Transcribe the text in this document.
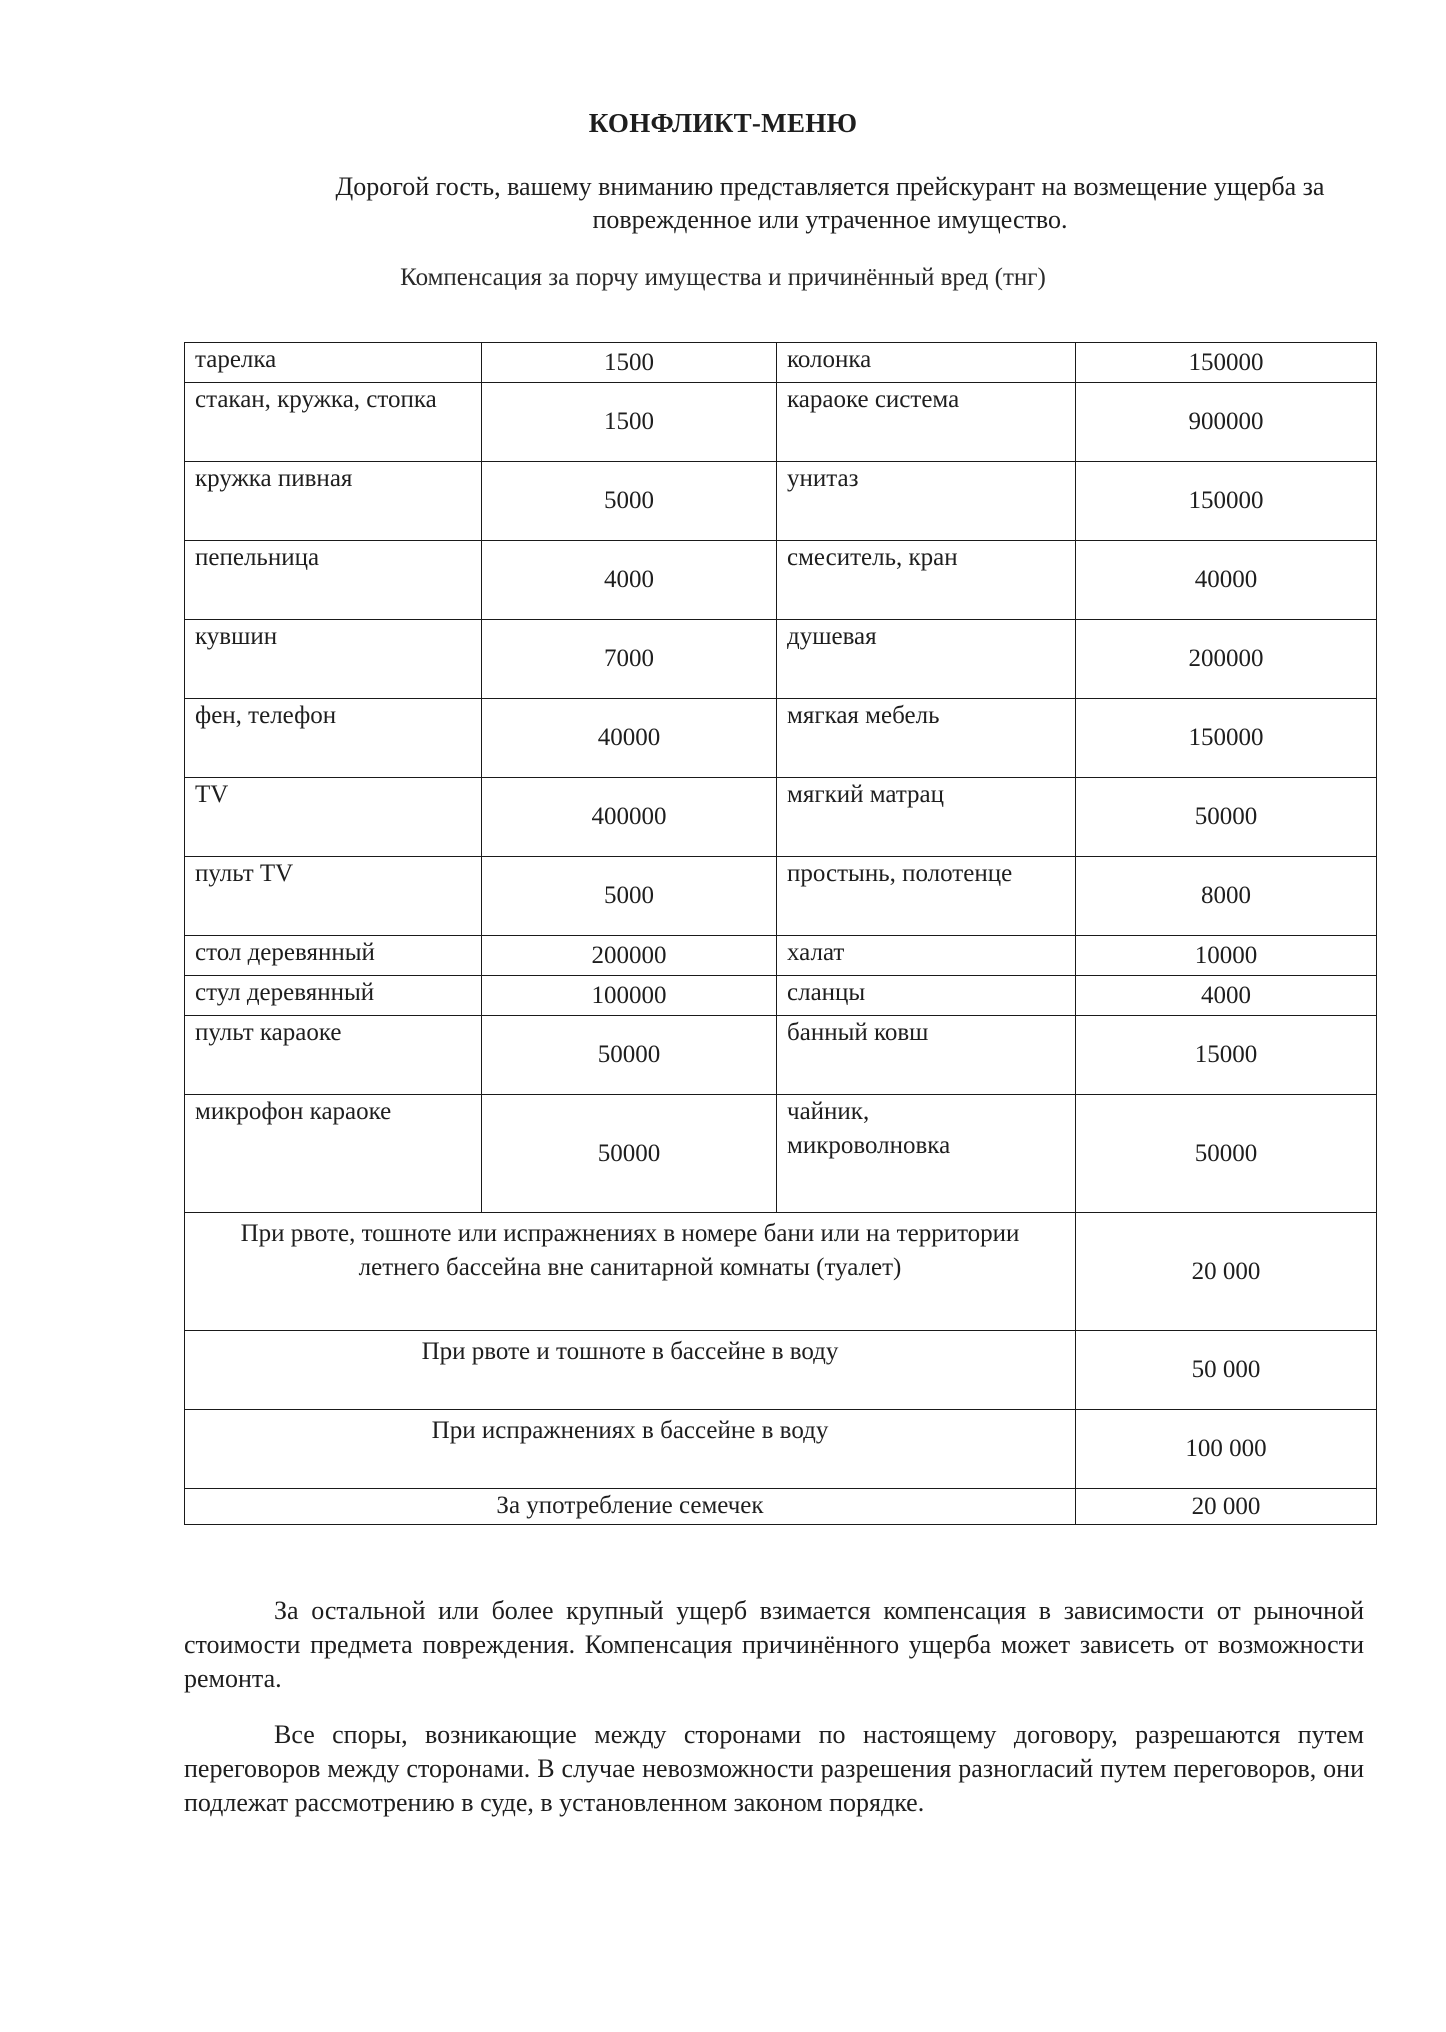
КОНФЛИКТ-МЕНЮ
Дорогой гость, вашему вниманию представляется прейскурант на возмещение ущерба за поврежденное или утраченное имущество.
Компенсация за порчу имущества и причинённый вред (тнг)
тарелка	1500	колонка	150000
стакан, кружка, стопка	1500	караоке система	900000
кружка пивная	5000	унитаз	150000
пепельница	4000	смеситель, кран	40000
кувшин	7000	душевая	200000
фен, телефон	40000	мягкая мебель	150000
TV	400000	мягкий матрац	50000
пульт TV	5000	простынь, полотенце	8000
стол деревянный	200000	халат	10000
стул деревянный	100000	сланцы	4000
пульт караоке	50000	банный ковш	15000
микрофон караоке	50000	чайник, микроволновка	50000
При рвоте, тошноте или испражнениях в номере бани или на территории летнего бассейна вне санитарной комнаты (туалет)			20 000
При рвоте и тошноте в бассейне в воду			50 000
При испражнениях в бассейне в воду			100 000
За употребление семечек			20 000
За остальной или более крупный ущерб взимается компенсация в зависимости от рыночной стоимости предмета повреждения. Компенсация причинённого ущерба может зависеть от возможности ремонта.
Все споры, возникающие между сторонами по настоящему договору, разрешаются путем переговоров между сторонами. В случае невозможности разрешения разногласий путем переговоров, они подлежат рассмотрению в суде, в установленном законом порядке.
